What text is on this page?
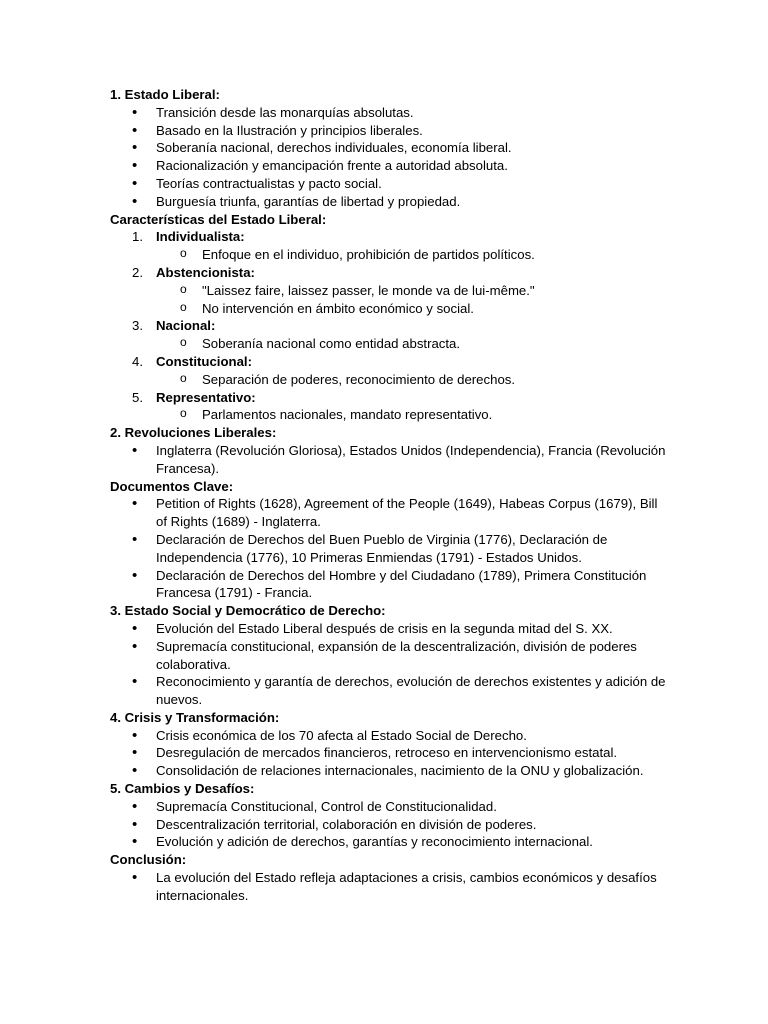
1. Estado Liberal:
• Transición desde las monarquías absolutas.
• Basado en la Ilustración y principios liberales.
• Soberanía nacional, derechos individuales, economía liberal.
• Racionalización y emancipación frente a autoridad absoluta.
• Teorías contractualistas y pacto social.
• Burguesía triunfa, garantías de libertad y propiedad.
Características del Estado Liberal:
1. Individualista:
o Enfoque en el individuo, prohibición de partidos políticos.
2. Abstencionista:
o "Laissez faire, laissez passer, le monde va de lui-même."
o No intervención en ámbito económico y social.
3. Nacional:
o Soberanía nacional como entidad abstracta.
4. Constitucional:
o Separación de poderes, reconocimiento de derechos.
5. Representativo:
o Parlamentos nacionales, mandato representativo.
2. Revoluciones Liberales:
• Inglaterra (Revolución Gloriosa), Estados Unidos (Independencia), Francia (Revolución Francesa).
Documentos Clave:
• Petition of Rights (1628), Agreement of the People (1649), Habeas Corpus (1679), Bill of Rights (1689) - Inglaterra.
• Declaración de Derechos del Buen Pueblo de Virginia (1776), Declaración de Independencia (1776), 10 Primeras Enmiendas (1791) - Estados Unidos.
• Declaración de Derechos del Hombre y del Ciudadano (1789), Primera Constitución Francesa (1791) - Francia.
3. Estado Social y Democrático de Derecho:
• Evolución del Estado Liberal después de crisis en la segunda mitad del S. XX.
• Supremacía constitucional, expansión de la descentralización, división de poderes colaborativa.
• Reconocimiento y garantía de derechos, evolución de derechos existentes y adición de nuevos.
4. Crisis y Transformación:
• Crisis económica de los 70 afecta al Estado Social de Derecho.
• Desregulación de mercados financieros, retroceso en intervencionismo estatal.
• Consolidación de relaciones internacionales, nacimiento de la ONU y globalización.
5. Cambios y Desafíos:
• Supremacía Constitucional, Control de Constitucionalidad.
• Descentralización territorial, colaboración en división de poderes.
• Evolución y adición de derechos, garantías y reconocimiento internacional.
Conclusión:
• La evolución del Estado refleja adaptaciones a crisis, cambios económicos y desafíos internacionales.
